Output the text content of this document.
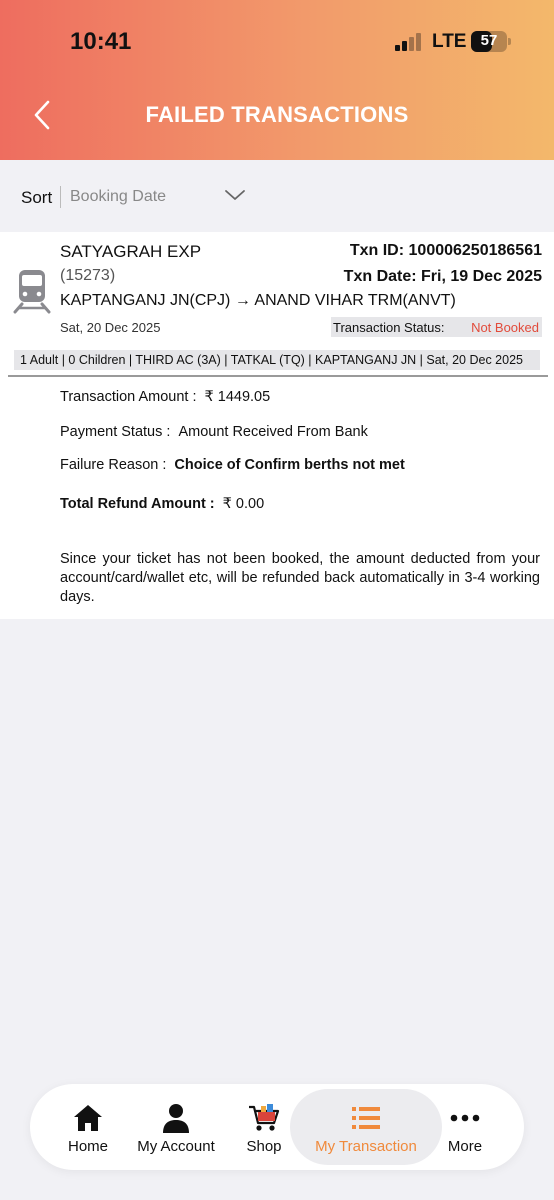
10:41	LTE 57
FAILED TRANSACTIONS
Sort Booking Date
SATYAGRAH EXP
(15273)
Txn ID: 100006250186561
Txn Date: Fri, 19 Dec 2025
KAPTANGANJ JN(CPJ) → ANAND VIHAR TRM(ANVT)
Sat, 20 Dec 2025	Transaction Status: Not Booked
1 Adult | 0 Children | THIRD AC (3A) | TATKAL (TQ) | KAPTANGANJ JN | Sat, 20 Dec 2025
Transaction Amount : ₹ 1449.05
Payment Status : Amount Received From Bank
Failure Reason : Choice of Confirm berths not met
Total Refund Amount : ₹ 0.00
Since your ticket has not been booked, the amount deducted from your account/card/wallet etc, will be refunded back automatically in 3-4 working days.
Home	My Account	Shop	My Transaction	More
